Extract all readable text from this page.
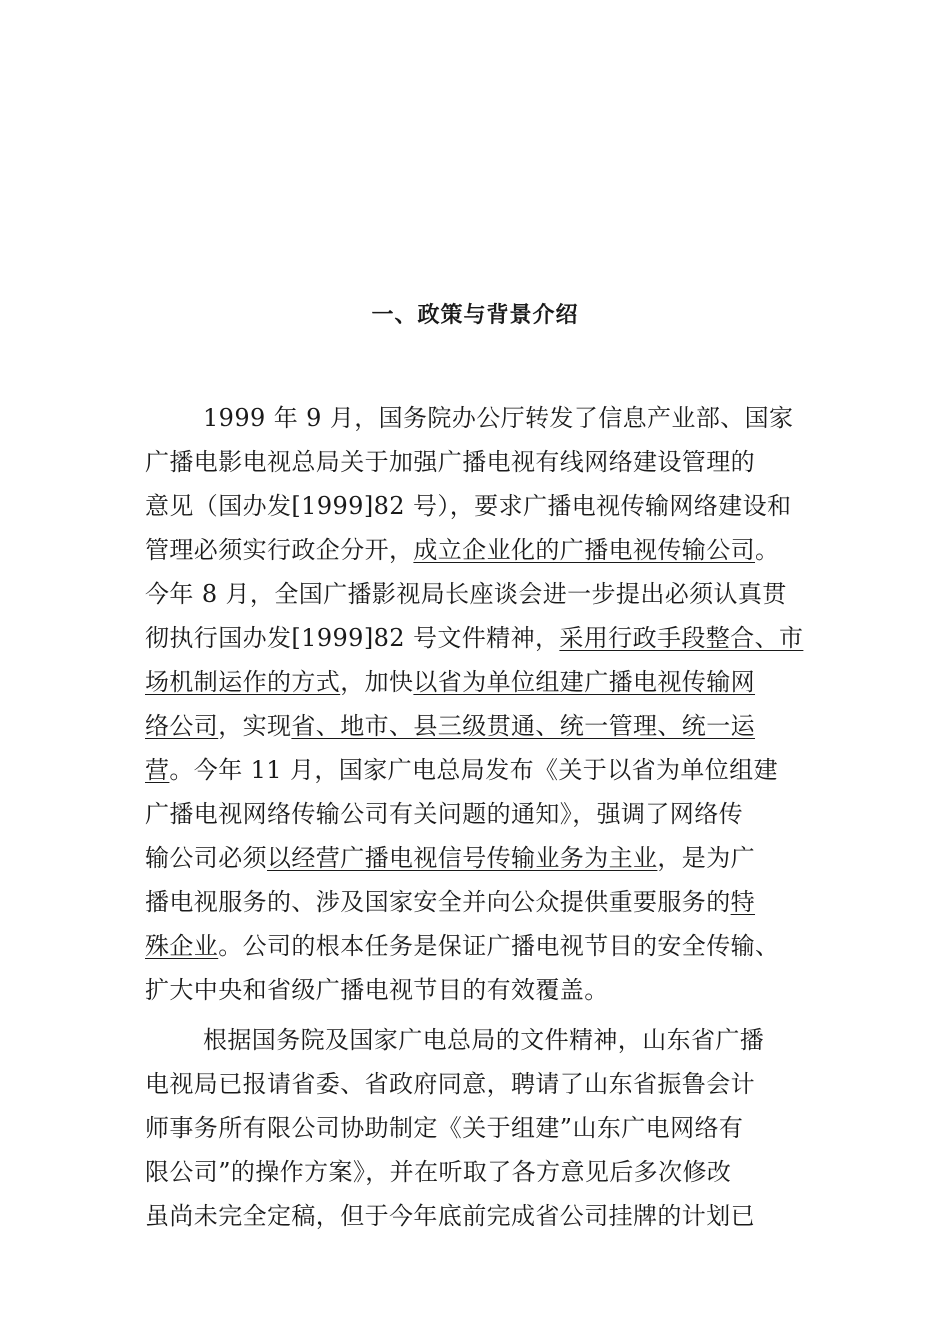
一、政策与背景介绍
1999 年 9 月，国务院办公厅转发了信息产业部、国家
广播电影电视总局关于加强广播电视有线网络建设管理的
意见（国办发[1999]82 号），要求广播电视传输网络建设和
管理必须实行政企分开，成立企业化的广播电视传输公司。
今年 8 月，全国广播影视局长座谈会进一步提出必须认真贯
彻执行国办发[1999]82 号文件精神，采用行政手段整合、市
场机制运作的方式，加快以省为单位组建广播电视传输网
络公司，实现省、地市、县三级贯通、统一管理、统一运
营。今年 11 月，国家广电总局发布《关于以省为单位组建
广播电视网络传输公司有关问题的通知》，强调了网络传
输公司必须以经营广播电视信号传输业务为主业，是为广
播电视服务的、涉及国家安全并向公众提供重要服务的特
殊企业。公司的根本任务是保证广播电视节目的安全传输、
扩大中央和省级广播电视节目的有效覆盖。
根据国务院及国家广电总局的文件精神，山东省广播
电视局已报请省委、省政府同意，聘请了山东省振鲁会计
师事务所有限公司协助制定《关于组建”山东广电网络有
限公司”的操作方案》，并在听取了各方意见后多次修改
虽尚未完全定稿，但于今年底前完成省公司挂牌的计划已
